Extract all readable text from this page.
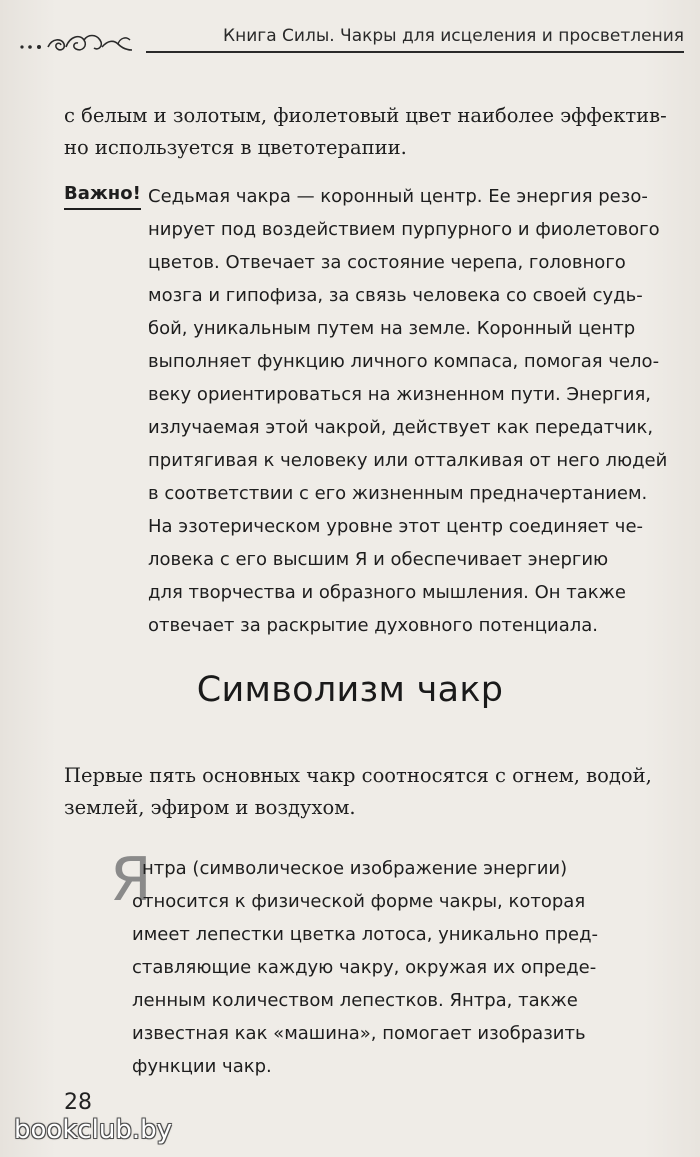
Книга Силы. Чакры для исцеления и просветления
с белым и золотым, фиолетовый цвет наиболее эффектив-
но используется в цветотерапии.
Важно! Седьмая чакра — коронный центр. Ее энергия резо-
нирует под воздействием пурпурного и фиолетового
цветов. Отвечает за состояние черепа, головного
мозга и гипофиза, за связь человека со своей судь-
бой, уникальным путем на земле. Коронный центр
выполняет функцию личного компаса, помогая чело-
веку ориентироваться на жизненном пути. Энергия,
излучаемая этой чакрой, действует как передатчик,
притягивая к человеку или отталкивая от него людей
в соответствии с его жизненным предначертанием.
На эзотерическом уровне этот центр соединяет че-
ловека с его высшим Я и обеспечивает энергию
для творчества и образного мышления. Он также
отвечает за раскрытие духовного потенциала.
Символизм чакр
Первые пять основных чакр соотносятся с огнем, водой,
землей, эфиром и воздухом.
Я
нтра (символическое изображение энергии)
относится к физической форме чакры, которая
имеет лепестки цветка лотоса, уникально пред-
ставляющие каждую чакру, окружая их опреде-
ленным количеством лепестков. Янтра, также
известная как «машина», помогает изобразить
функции чакр.
28
bookclub.by
